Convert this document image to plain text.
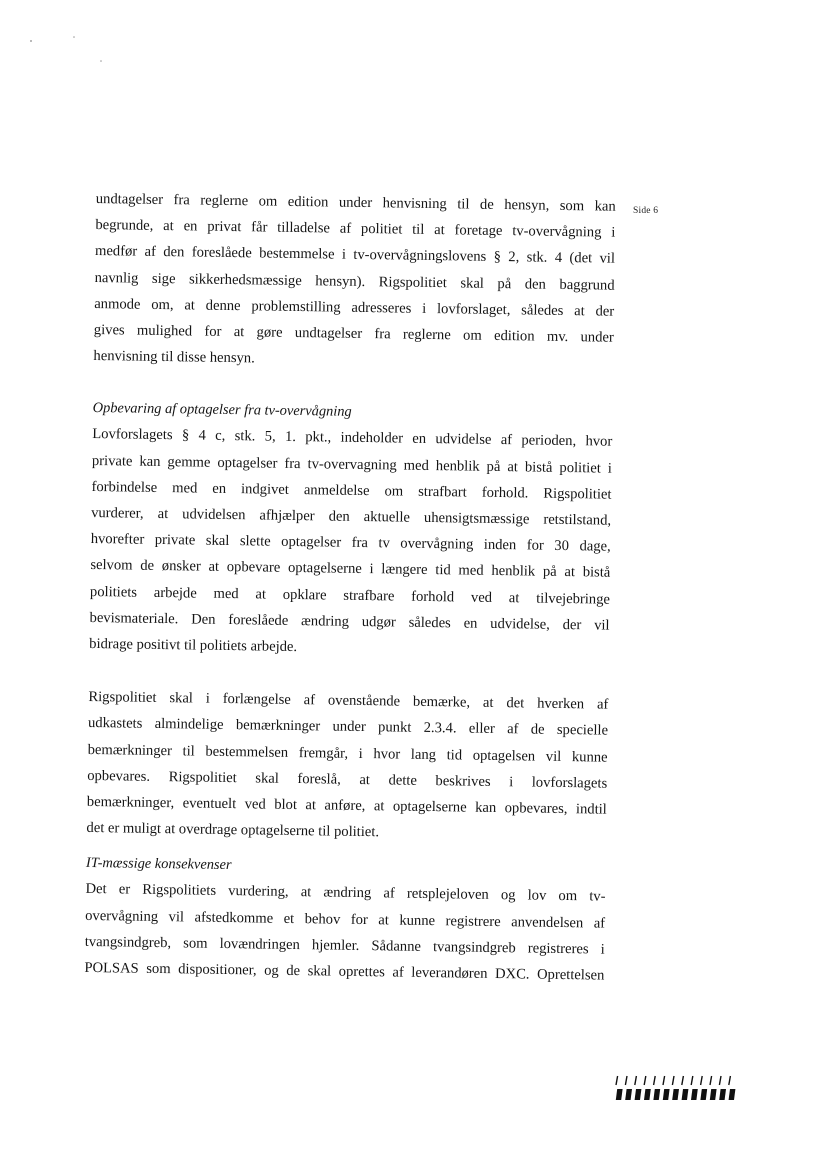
Side 6
undtagelser fra reglerne om edition under henvisning til de hensyn, som kan
begrunde, at en privat får tilladelse af politiet til at foretage tv-overvågning i
medfør af den foreslåede bestemmelse i tv-overvågningslovens § 2, stk. 4 (det vil
navnlig sige sikkerhedsmæssige hensyn). Rigspolitiet skal på den baggrund
anmode om, at denne problemstilling adresseres i lovforslaget, således at der
gives mulighed for at gøre undtagelser fra reglerne om edition mv. under
henvisning til disse hensyn.
Opbevaring af optagelser fra tv-overvågning
Lovforslagets § 4 c, stk. 5, 1. pkt., indeholder en udvidelse af perioden, hvor
private kan gemme optagelser fra tv-overvagning med henblik på at bistå politiet i
forbindelse med en indgivet anmeldelse om strafbart forhold. Rigspolitiet
vurderer, at udvidelsen afhjælper den aktuelle uhensigtsmæssige retstilstand,
hvorefter private skal slette optagelser fra tv overvågning inden for 30 dage,
selvom de ønsker at opbevare optagelserne i længere tid med henblik på at bistå
politiets arbejde med at opklare strafbare forhold ved at tilvejebringe
bevismateriale. Den foreslåede ændring udgør således en udvidelse, der vil
bidrage positivt til politiets arbejde.
Rigspolitiet skal i forlængelse af ovenstående bemærke, at det hverken af
udkastets almindelige bemærkninger under punkt 2.3.4. eller af de specielle
bemærkninger til bestemmelsen fremgår, i hvor lang tid optagelsen vil kunne
opbevares. Rigspolitiet skal foreslå, at dette beskrives i lovforslagets
bemærkninger, eventuelt ved blot at anføre, at optagelserne kan opbevares, indtil
det er muligt at overdrage optagelserne til politiet.
IT-mæssige konsekvenser
Det er Rigspolitiets vurdering, at ændring af retsplejeloven og lov om tv-
overvågning vil afstedkomme et behov for at kunne registrere anvendelsen af
tvangsindgreb, som lovændringen hjemler. Sådanne tvangsindgreb registreres i
POLSAS som dispositioner, og de skal oprettes af leverandøren DXC. Oprettelsen
